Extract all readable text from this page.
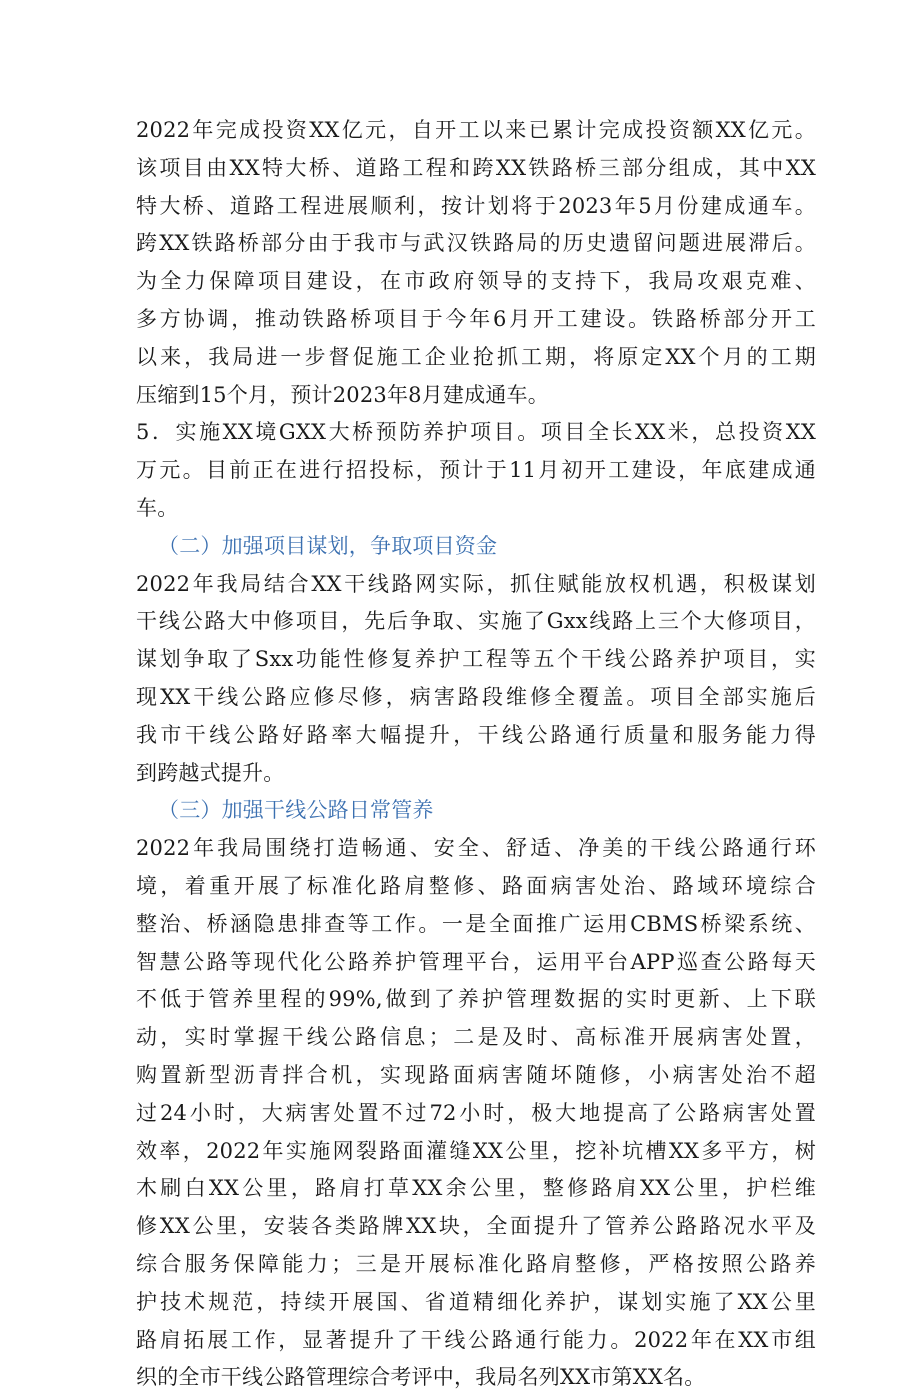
2022年完成投资XX亿元，自开工以来已累计完成投资额XX亿元。
该项目由XX特大桥、道路工程和跨XX铁路桥三部分组成，其中XX
特大桥、道路工程进展顺利，按计划将于2023年5月份建成通车。
跨XX铁路桥部分由于我市与武汉铁路局的历史遗留问题进展滞后。
为全力保障项目建设，在市政府领导的支持下，我局攻艰克难、
多方协调，推动铁路桥项目于今年6月开工建设。铁路桥部分开工
以来，我局进一步督促施工企业抢抓工期，将原定XX个月的工期
压缩到15个月，预计2023年8月建成通车。
5．实施XX境GXX大桥预防养护项目。项目全长XX米，总投资XX
万元。目前正在进行招投标，预计于11月初开工建设，年底建成通
车。
（二）加强项目谋划，争取项目资金
2022年我局结合XX干线路网实际，抓住赋能放权机遇，积极谋划
干线公路大中修项目，先后争取、实施了Gxx线路上三个大修项目，
谋划争取了Sxx功能性修复养护工程等五个干线公路养护项目，实
现XX干线公路应修尽修，病害路段维修全覆盖。项目全部实施后
我市干线公路好路率大幅提升，干线公路通行质量和服务能力得
到跨越式提升。
（三）加强干线公路日常管养
2022年我局围绕打造畅通、安全、舒适、净美的干线公路通行环
境，着重开展了标准化路肩整修、路面病害处治、路域环境综合
整治、桥涵隐患排查等工作。一是全面推广运用CBMS桥梁系统、
智慧公路等现代化公路养护管理平台，运用平台APP巡查公路每天
不低于管养里程的99%,做到了养护管理数据的实时更新、上下联
动，实时掌握干线公路信息；二是及时、高标准开展病害处置，
购置新型沥青拌合机，实现路面病害随坏随修，小病害处治不超
过24小时，大病害处置不过72小时，极大地提高了公路病害处置
效率，2022年实施网裂路面灌缝XX公里，挖补坑槽XX多平方，树
木刷白XX公里，路肩打草XX余公里，整修路肩XX公里，护栏维
修XX公里，安装各类路牌XX块，全面提升了管养公路路况水平及
综合服务保障能力；三是开展标准化路肩整修，严格按照公路养
护技术规范，持续开展国、省道精细化养护，谋划实施了XX公里
路肩拓展工作，显著提升了干线公路通行能力。2022年在XX市组
织的全市干线公路管理综合考评中，我局名列XX市第XX名。
